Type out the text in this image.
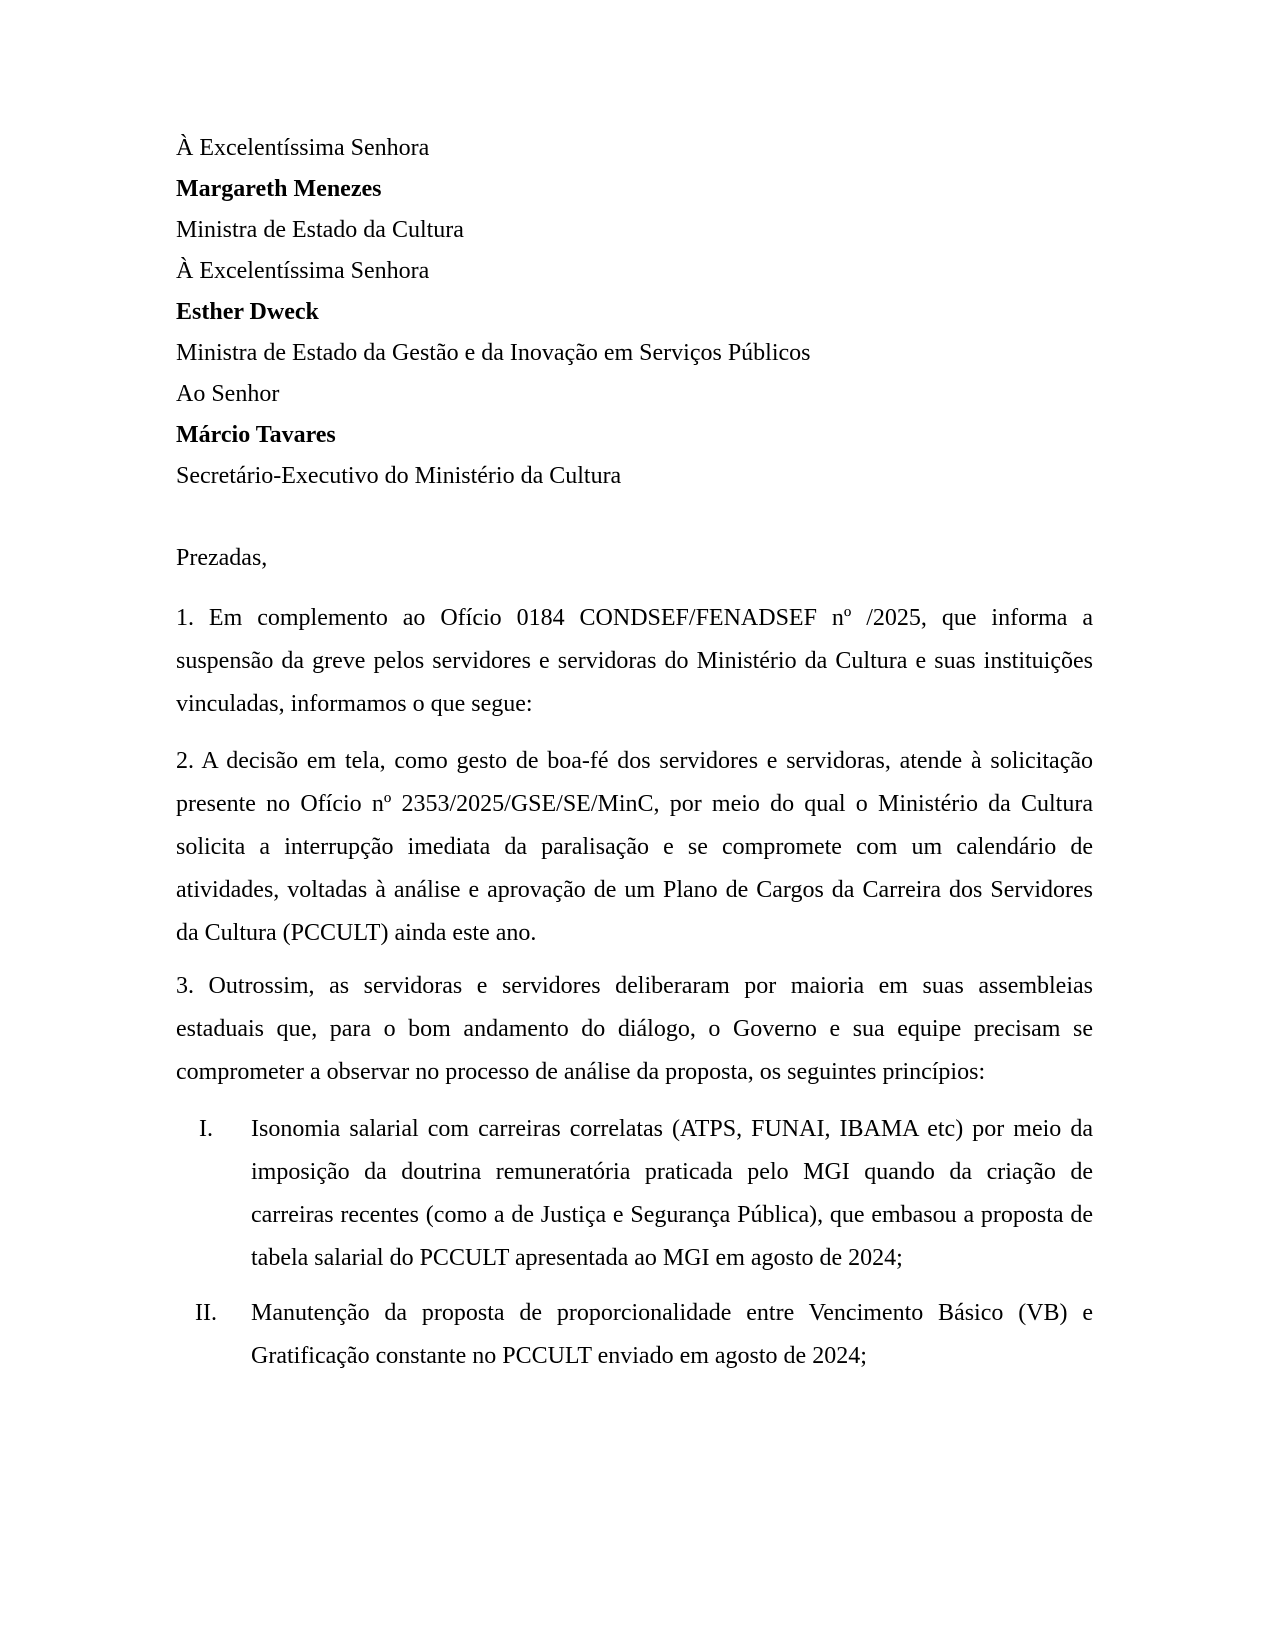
À Excelentíssima Senhora
Margareth Menezes
Ministra de Estado da Cultura
À Excelentíssima Senhora
Esther Dweck
Ministra de Estado da Gestão e da Inovação em Serviços Públicos
Ao Senhor
Márcio Tavares
Secretário-Executivo do Ministério da Cultura
Prezadas,
1. Em complemento ao Ofício 0184 CONDSEF/FENADSEF nº /2025, que informa a suspensão da greve pelos servidores e servidoras do Ministério da Cultura e suas instituições vinculadas, informamos o que segue:
2. A decisão em tela, como gesto de boa-fé dos servidores e servidoras, atende à solicitação presente no Ofício nº 2353/2025/GSE/SE/MinC, por meio do qual o Ministério da Cultura solicita a interrupção imediata da paralisação e se compromete com um calendário de atividades, voltadas à análise e aprovação de um Plano de Cargos da Carreira dos Servidores da Cultura (PCCULT) ainda este ano.
3. Outrossim, as servidoras e servidores deliberaram por maioria em suas assembleias estaduais que, para o bom andamento do diálogo, o Governo e sua equipe precisam se comprometer a observar no processo de análise da proposta, os seguintes princípios:
I.	Isonomia salarial com carreiras correlatas (ATPS, FUNAI, IBAMA etc) por meio da imposição da doutrina remuneratória praticada pelo MGI quando da criação de carreiras recentes (como a de Justiça e Segurança Pública), que embasou a proposta de tabela salarial do PCCULT apresentada ao MGI em agosto de 2024;
II.	Manutenção da proposta de proporcionalidade entre Vencimento Básico (VB) e Gratificação constante no PCCULT enviado em agosto de 2024;
